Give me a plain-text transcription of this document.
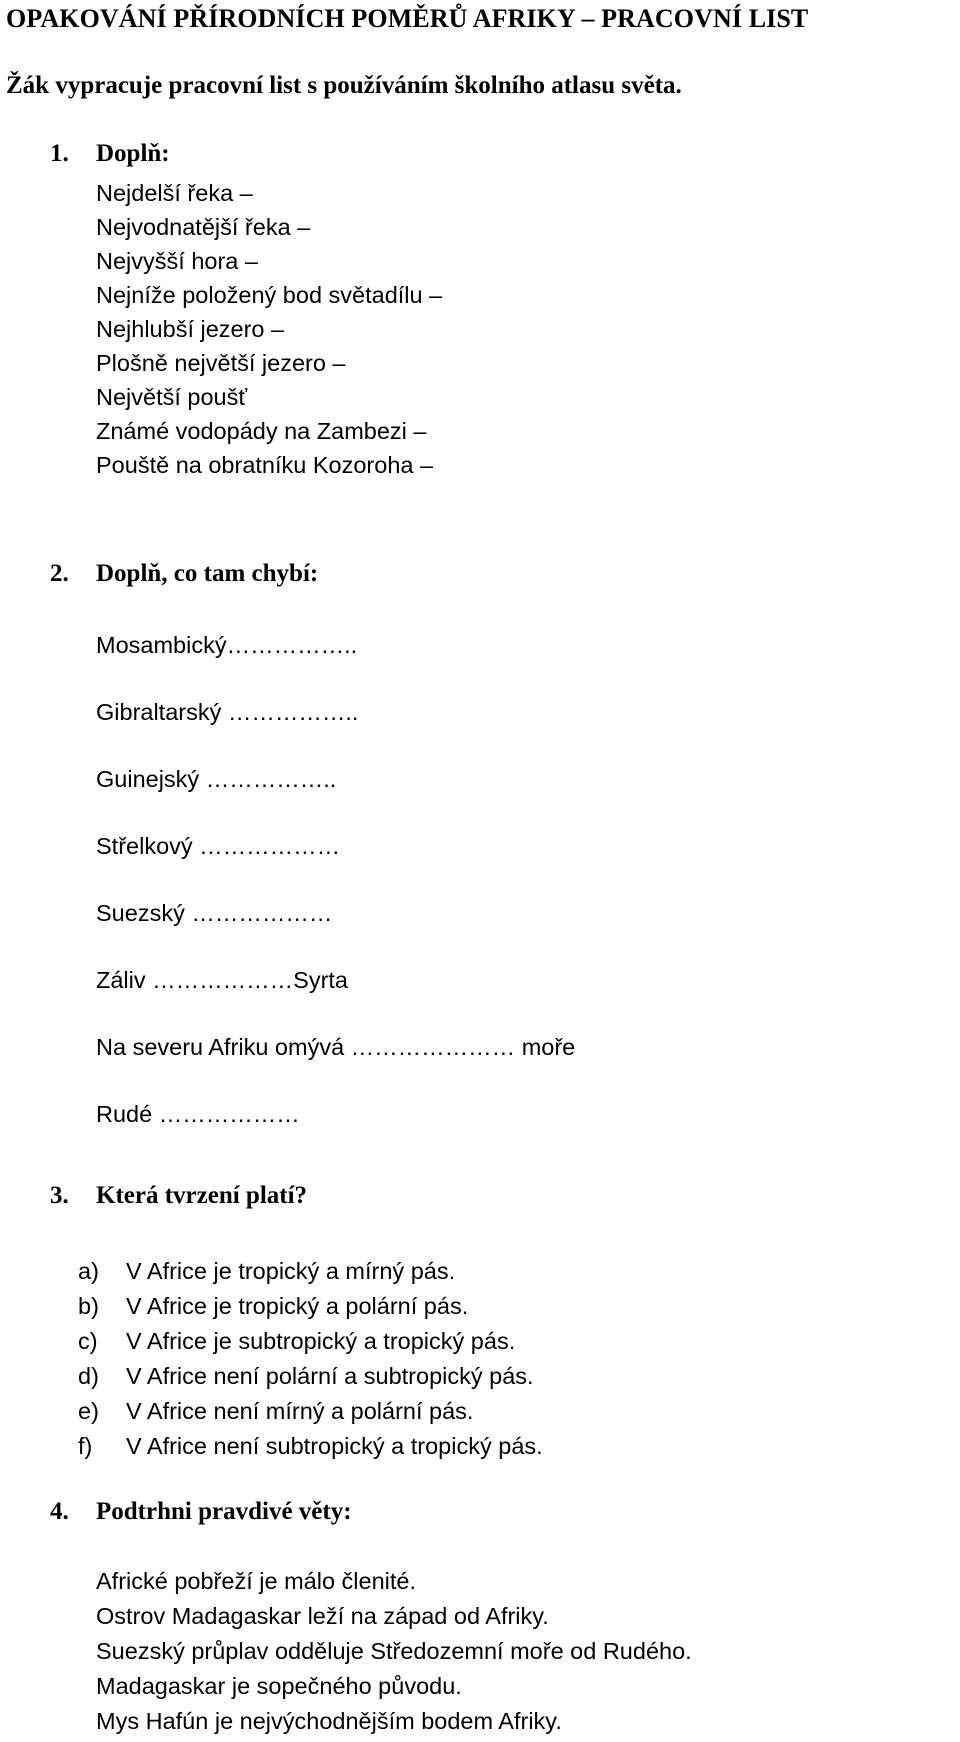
OPAKOVÁNÍ PŘÍRODNÍCH POMĚRŮ AFRIKY – PRACOVNÍ LIST
Žák vypracuje pracovní list s používáním školního atlasu světa.
1. Doplň:
Nejdelší řeka –
Nejvodnatější řeka –
Nejvyšší hora –
Nejníže položený bod světadílu –
Nejhlubší jezero –
Plošně největší jezero –
Největší poušť
Známé vodopády na Zambezi –
Pouště na obratníku Kozoroha –
2. Doplň, co tam chybí:
Mosambický……………..
Gibraltarský ……………..
Guinejský ……………..
Střelkový ………………
Suezský ………………
Záliv ………………Syrta
Na severu Afriku omývá ………………… moře
Rudé ………………
3. Která tvrzení platí?
a) V Africe je tropický a mírný pás.
b) V Africe je tropický a polární pás.
c) V Africe je subtropický a tropický pás.
d) V Africe není polární a subtropický pás.
e) V Africe není mírný a polární pás.
f) V Africe není subtropický a tropický pás.
4. Podtrhni pravdivé věty:
Africké pobřeží je málo členité.
Ostrov Madagaskar leží na západ od Afriky.
Suezský průplav odděluje Středozemní moře od Rudého.
Madagaskar je sopečného původu.
Mys Hafún je nejvýchodnějším bodem Afriky.
